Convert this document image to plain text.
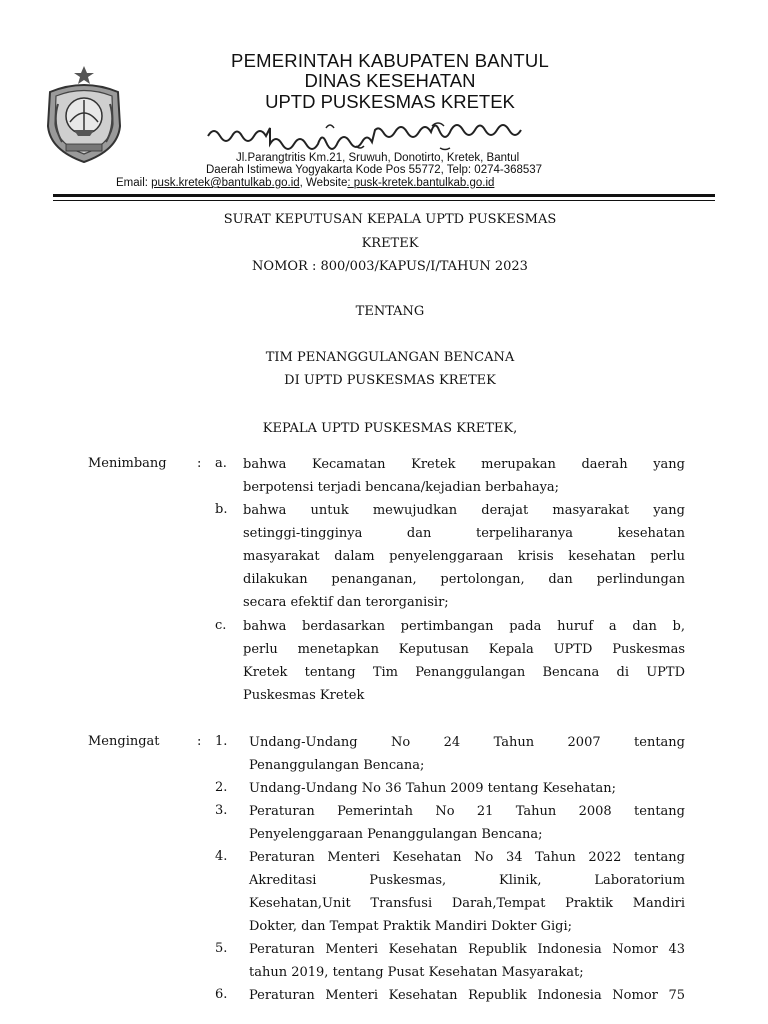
PEMERINTAH KABUPATEN BANTUL

DINAS KESEHATAN

UPTD PUSKESMAS KRETEK

Jl.Parangtritis Km.21, Sruwuh, Donotirto, Kretek, Bantul
Daerah Istimewa Yogyakarta Kode Pos 55772, Telp: 0274-368537
Email: pusk.kretek@bantulkab.go.id, Website: pusk-kretek.bantulkab.go.id

SURAT KEPUTUSAN KEPALA UPTD PUSKESMAS

KRETEK

NOMOR : 800/003/KAPUS/I/TAHUN 2023

TENTANG

TIM PENANGGULANGAN BENCANA

DI UPTD PUSKESMAS KRETEK

KEPALA UPTD PUSKESMAS KRETEK,

Menimbang : a. bahwa Kecamatan Kretek merupakan daerah yang
berpotensi terjadi bencana/kejadian berbahaya;
b. bahwa untuk mewujudkan derajat masyarakat yang
setinggi-tingginya dan terpeliharanya kesehatan
masyarakat dalam penyelenggaraan krisis kesehatan perlu
dilakukan penanganan, pertolongan, dan perlindungan
secara efektif dan terorganisir;
c. bahwa berdasarkan pertimbangan pada huruf a dan b,
perlu menetapkan Keputusan Kepala UPTD Puskesmas
Kretek tentang Tim Penanggulangan Bencana di UPTD
Puskesmas Kretek
Mengingat	: 1. Undang-Undang No 24 Tahun 2007 tentang
Penanggulangan Bencana;
2. Undang-Undang No 36 Tahun 2009 tentang Kesehatan;
3. Peraturan Pemerintah No 21 Tahun 2008 tentang
Penyelenggaraan Penanggulangan Bencana;
4. Peraturan Menteri Kesehatan No 34 Tahun 2022 tentang
Akreditasi Puskesmas, Klinik, Laboratorium
Kesehatan,Unit Transfusi Darah,Tempat Praktik Mandiri
Dokter, dan Tempat Praktik Mandiri Dokter Gigi;
5. Peraturan Menteri Kesehatan Republik Indonesia Nomor 43
tahun 2019, tentang Pusat Kesehatan Masyarakat;
6. Peraturan Menteri Kesehatan Republik Indonesia Nomor 75
